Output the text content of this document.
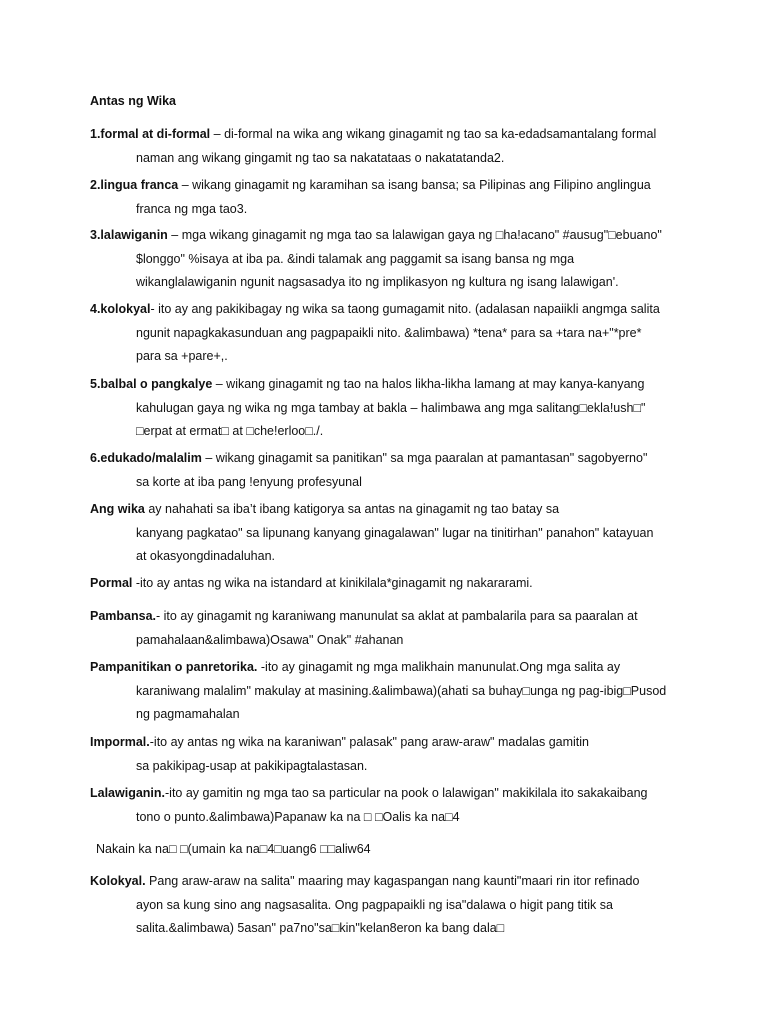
Antas ng Wika
1.formal at di-formal – di-formal na wika ang wikang ginagamit ng tao sa ka-edadsamantalang formal
naman ang wikang gingamit ng tao sa nakatataas o nakatatanda2.
2.lingua franca – wikang ginagamit ng karamihan sa isang bansa; sa Pilipinas ang Filipino anglingua
franca ng mga tao3.
3.lalawiganin – mga wikang ginagamit ng mga tao sa lalawigan gaya ng □ha!acano" #ausug"□ebuano"
$longgo" %isaya at iba pa. &indi talamak ang paggamit sa isang bansa ng mga
wikanglalawiganin ngunit nagsasadya ito ng implikasyon ng kultura ng isang lalawigan'.
4.kolokyal- ito ay ang pakikibagay ng wika sa taong gumagamit nito. (adalasan napaiikli angmga salita
ngunit napagkakasunduan ang pagpapaikli nito. &alimbawa) *tena* para sa +tara na+"*pre*
para sa +pare+,.
5.balbal o pangkalye – wikang ginagamit ng tao na halos likha-likha lamang at may kanya-kanyang
kahulugan gaya ng wika ng mga tambay at bakla – halimbawa ang mga salitang□ekla!ush□"
□erpat at ermat□ at □che!erloo□./.
6.edukado/malalim – wikang ginagamit sa panitikan" sa mga paaralan at pamantasan" sagobyerno"
sa korte at iba pang !enyung profesyunal
Ang wika ay nahahati sa iba’t ibang katigorya sa antas na ginagamit ng tao batay sa
kanyang pagkatao" sa lipunang kanyang ginagalawan" lugar na tinitirhan" panahon" katayuan
at okasyongdinadaluhan.
Pormal -ito ay antas ng wika na istandard at kinikilala*ginagamit ng nakararami.
Pambansa.- ito ay ginagamit ng karaniwang manunulat sa aklat at pambalarila para sa paaralan at
pamahalaan&alimbawa)Osawa" Onak" #ahanan
Pampanitikan o panretorika. -ito ay ginagamit ng mga malikhain manunulat.Ong mga salita ay
karaniwang malalim" makulay at masining.&alimbawa)(ahati sa buhay□unga ng pag-ibig□Pusod
ng pagmamahalan
Impormal.-ito ay antas ng wika na karaniwan" palasak" pang araw-araw" madalas gamitin
sa pakikipag-usap at pakikipagtalastasan.
Lalawiganin.-ito ay gamitin ng mga tao sa particular na pook o lalawigan" makikilala ito sakakaibang
tono o punto.&alimbawa)Papanaw ka na □ □Oalis ka na□4
Nakain ka na□ □(umain ka na□4□uang6 □□aliw64
Kolokyal. Pang araw-araw na salita" maaring may kagaspangan nang kaunti"maari rin itor refinado
ayon sa kung sino ang nagsasalita. Ong pagpapaikli ng isa"dalawa o higit pang titik sa
salita.&alimbawa) 5asan" pa7no"sa□kin"kelan8eron ka bang dala□
